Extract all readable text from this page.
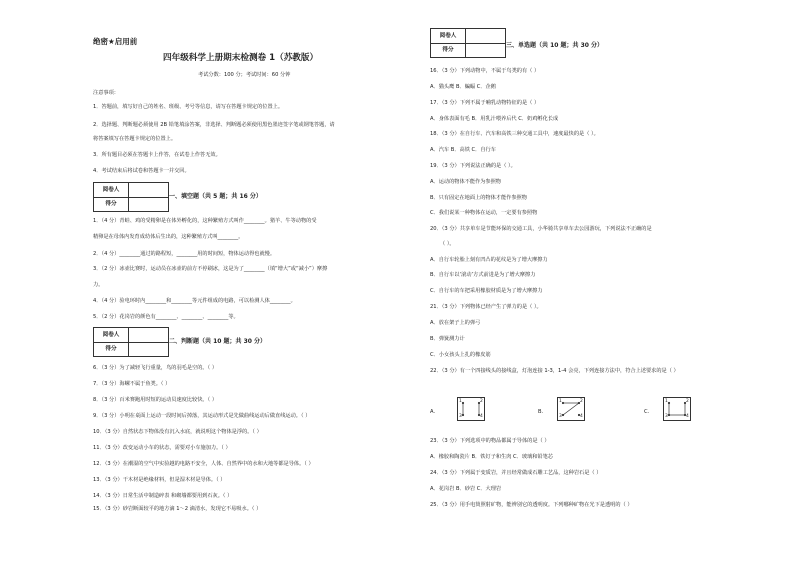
绝密★启用前
四年级科学上册期末检测卷 1（苏教版）
考试分数：100 分；考试时间：60 分钟
注意事项：
1．答题前，填写好自己的姓名、班级、考号等信息，请写在答题卡规定的位置上。
2．选择题、判断题必须使用 2B 铅笔填涂答案，非选择、判断题必须使用黑色墨迹签字笔或钢笔答题，请
将答案填写在答题卡规定的位置上。
3．所有题目必须在答题卡上作答，在试卷上作答无效。
4．考试结束后将试卷和答题卡一并交回。
阅卷人
得分
一、填空题（共 5 题；共 16 分）
1．（4 分）青蛙、鸡的受精卵是在体外孵化的，这种繁殖方式叫作________。猪羊、牛等动物的受
精卵是在母体内发育成幼体后生出的，这种繁殖方式叫________。
2．（4 分）________通过的路程短，________用的时间短，物体运动得也就慢。
3．（2 分）冰壶比赛时，运动员在冰壶的前方不停刷冰，这是为了________（填“增大”或“减小”）摩擦
力。
4．（4 分）验电环时内________和________等元件组成的电路，可以检测人体________。
5．（2 分）花岗岩的颜色有________、________、________等。
阅卷人
得分
二、判断题（共 10 题；共 30 分）
6．（3 分）为了减轻飞行重量，鸟的羽毛是空的。（ ）
7．（3 分）海螺不属于鱼类。（ ）
8．（3 分）百米赛跑用时短的运动员速度比较快。（ ）
9．（3 分）小明在桌面上运动一段时间后掉落，其运动形式是先做曲线运动后做直线运动。（ ）
10．（3 分）自然状态下物体没有沉入水底，就说明这个物体是浮的。（ ）
11．（3 分）改变运动小车的状态，需要对小车施加力。（ ）
12．（3 分）在潮湿的空气中实验越的电路不安全，人体、自然界中的水和大地等都是导体。（ ）
13．（3 分）干木材是绝缘材料，但是湿木材是导体。（ ）
14．（3 分）日常生活中制造碎表 和砌墙都要用到石灰。（ ）
15．（3 分）砂岩断面较平的地方滴 1～2 滴清水，发现它不易吸水。（ ）
阅卷人
得分
三、单选题（共 10 题；共 30 分）
16．（3 分）下列动物中，不属于鸟类的有（ ）
A．猫头鹰 B．蝙蝠 C．企鹅
17．（3 分）下列不属于哺乳动物特征的是（ ）
A．身体表面有毛 B．用乳汁喂养后代 C．奶鸡孵化长成
18．（3 分）在自行车、汽车和高铁三种交通工具中，速度最快的是（ ）。
A．汽车 B．高铁 C．自行车
19．（3 分）下列说法正确的是（ ）。
A．运动的物体不能作为参照物
B．只有固定在地面上的物体才能作参照物
C．我们说某一种物体在运动，一定要有参照物
20．（3 分）共享单车是节能环保的交通工具，小华骑共享单车去公园游玩，下列说法不正确的是
（ ）。
A．自行车轮胎上刻有凹凸的花纹是为了增大摩擦力
B．自行车以‘滚动’方式前进是为了增大摩擦力
C．自行车的车把采用橡胶材质是为了增大摩擦力
21．（3 分）下列物体已经产生了弹力的是（ ）。
A．放在架子上的弹弓
B．弹簧测力计
C．小女孩头上扎的橡皮筋
22．（3 分）有一个四接线头的接线盒，灯泡连接 1-3，1-4 会亮，下列连接方法中，符合上述要求的是（ ）
A.
1	2
3	4
B.
1	2
3	4
C.
1	2
3	4
23．（3 分）下列选项中的物品都属于导体的是（ ）
A．橡胶和陶瓷片 B．铁钉子和生肉 C．玻璃和铅笔芯
24．（3 分）下列属于变质岩，并且经常做成石雕工艺品，这种岩石是（ ）
A．花岗岩 B．砂岩 C．大理岩
25．（3 分）用手电筒照射矿物，能辨别它的透明度。下列哪种矿物在光下是透明的（ ）
